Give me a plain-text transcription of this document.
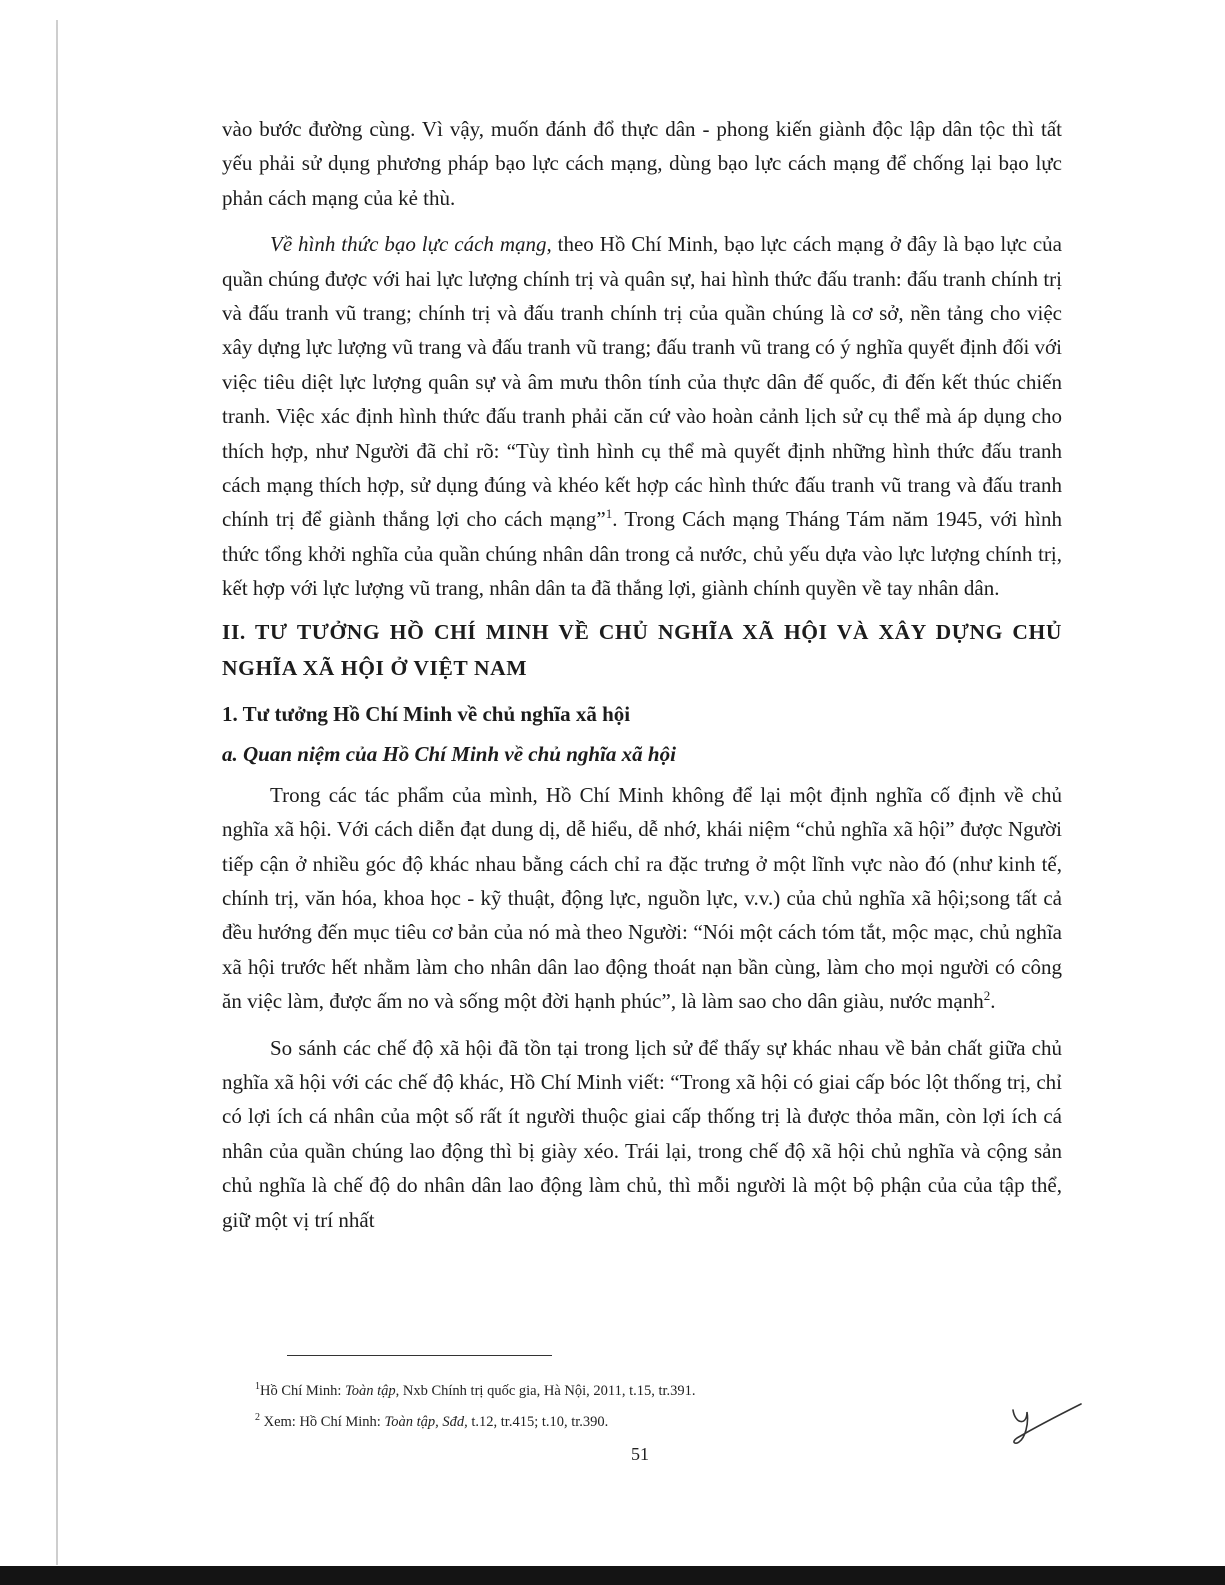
vào bước đường cùng. Vì vậy, muốn đánh đổ thực dân - phong kiến giành độc lập dân tộc thì tất yếu phải sử dụng phương pháp bạo lực cách mạng, dùng bạo lực cách mạng để chống lại bạo lực phản cách mạng của kẻ thù.

Về hình thức bạo lực cách mạng, theo Hồ Chí Minh, bạo lực cách mạng ở đây là bạo lực của quần chúng được với hai lực lượng chính trị và quân sự, hai hình thức đấu tranh: đấu tranh chính trị và đấu tranh vũ trang; chính trị và đấu tranh chính trị của quần chúng là cơ sở, nền tảng cho việc xây dựng lực lượng vũ trang và đấu tranh vũ trang; đấu tranh vũ trang có ý nghĩa quyết định đối với việc tiêu diệt lực lượng quân sự và âm mưu thôn tính của thực dân đế quốc, đi đến kết thúc chiến tranh. Việc xác định hình thức đấu tranh phải căn cứ vào hoàn cảnh lịch sử cụ thể mà áp dụng cho thích hợp, như Người đã chỉ rõ: “Tùy tình hình cụ thể mà quyết định những hình thức đấu tranh cách mạng thích hợp, sử dụng đúng và khéo kết hợp các hình thức đấu tranh vũ trang và đấu tranh chính trị để giành thắng lợi cho cách mạng”$^1$. Trong Cách mạng Tháng Tám năm 1945, với hình thức tổng khởi nghĩa của quần chúng nhân dân trong cả nước, chủ yếu dựa vào lực lượng chính trị, kết hợp với lực lượng vũ trang, nhân dân ta đã thắng lợi, giành chính quyền về tay nhân dân.

II. TƯ TƯỞNG HỒ CHÍ MINH VỀ CHỦ NGHĨA XÃ HỘI VÀ XÂY DỰNG CHỦ NGHĨA XÃ HỘI Ở VIỆT NAM
1. Tư tưởng Hồ Chí Minh về chủ nghĩa xã hội
a. Quan niệm của Hồ Chí Minh về chủ nghĩa xã hội

Trong các tác phẩm của mình, Hồ Chí Minh không để lại một định nghĩa cố định về chủ nghĩa xã hội. Với cách diễn đạt dung dị, dễ hiểu, dễ nhớ, khái niệm “chủ nghĩa xã hội” được Người tiếp cận ở nhiều góc độ khác nhau bằng cách chỉ ra đặc trưng ở một lĩnh vực nào đó (như kinh tế, chính trị, văn hóa, khoa học - kỹ thuật, động lực, nguồn lực, v.v.) của chủ nghĩa xã hội;song tất cả đều hướng đến mục tiêu cơ bản của nó mà theo Người: “Nói một cách tóm tắt, mộc mạc, chủ nghĩa xã hội trước hết nhằm làm cho nhân dân lao động thoát nạn bần cùng, làm cho mọi người có công ăn việc làm, được ấm no và sống một đời hạnh phúc”, là làm sao cho dân giàu, nước mạnh$^2$.

So sánh các chế độ xã hội đã tồn tại trong lịch sử để thấy sự khác nhau về bản chất giữa chủ nghĩa xã hội với các chế độ khác, Hồ Chí Minh viết: “Trong xã hội có giai cấp bóc lột thống trị, chỉ có lợi ích cá nhân của một số rất ít người thuộc giai cấp thống trị là được thỏa mãn, còn lợi ích cá nhân của quần chúng lao động thì bị giày xéo. Trái lại, trong chế độ xã hội chủ nghĩa và cộng sản chủ nghĩa là chế độ do nhân dân lao động làm chủ, thì mỗi người là một bộ phận của của tập thể, giữ một vị trí nhất

$^1$Hồ Chí Minh: Toàn tập, Nxb Chính trị quốc gia, Hà Nội, 2011, t.15, tr.391.
$^2$ Xem: Hồ Chí Minh: Toàn tập, Sđd, t.12, tr.415; t.10, tr.390.
51
